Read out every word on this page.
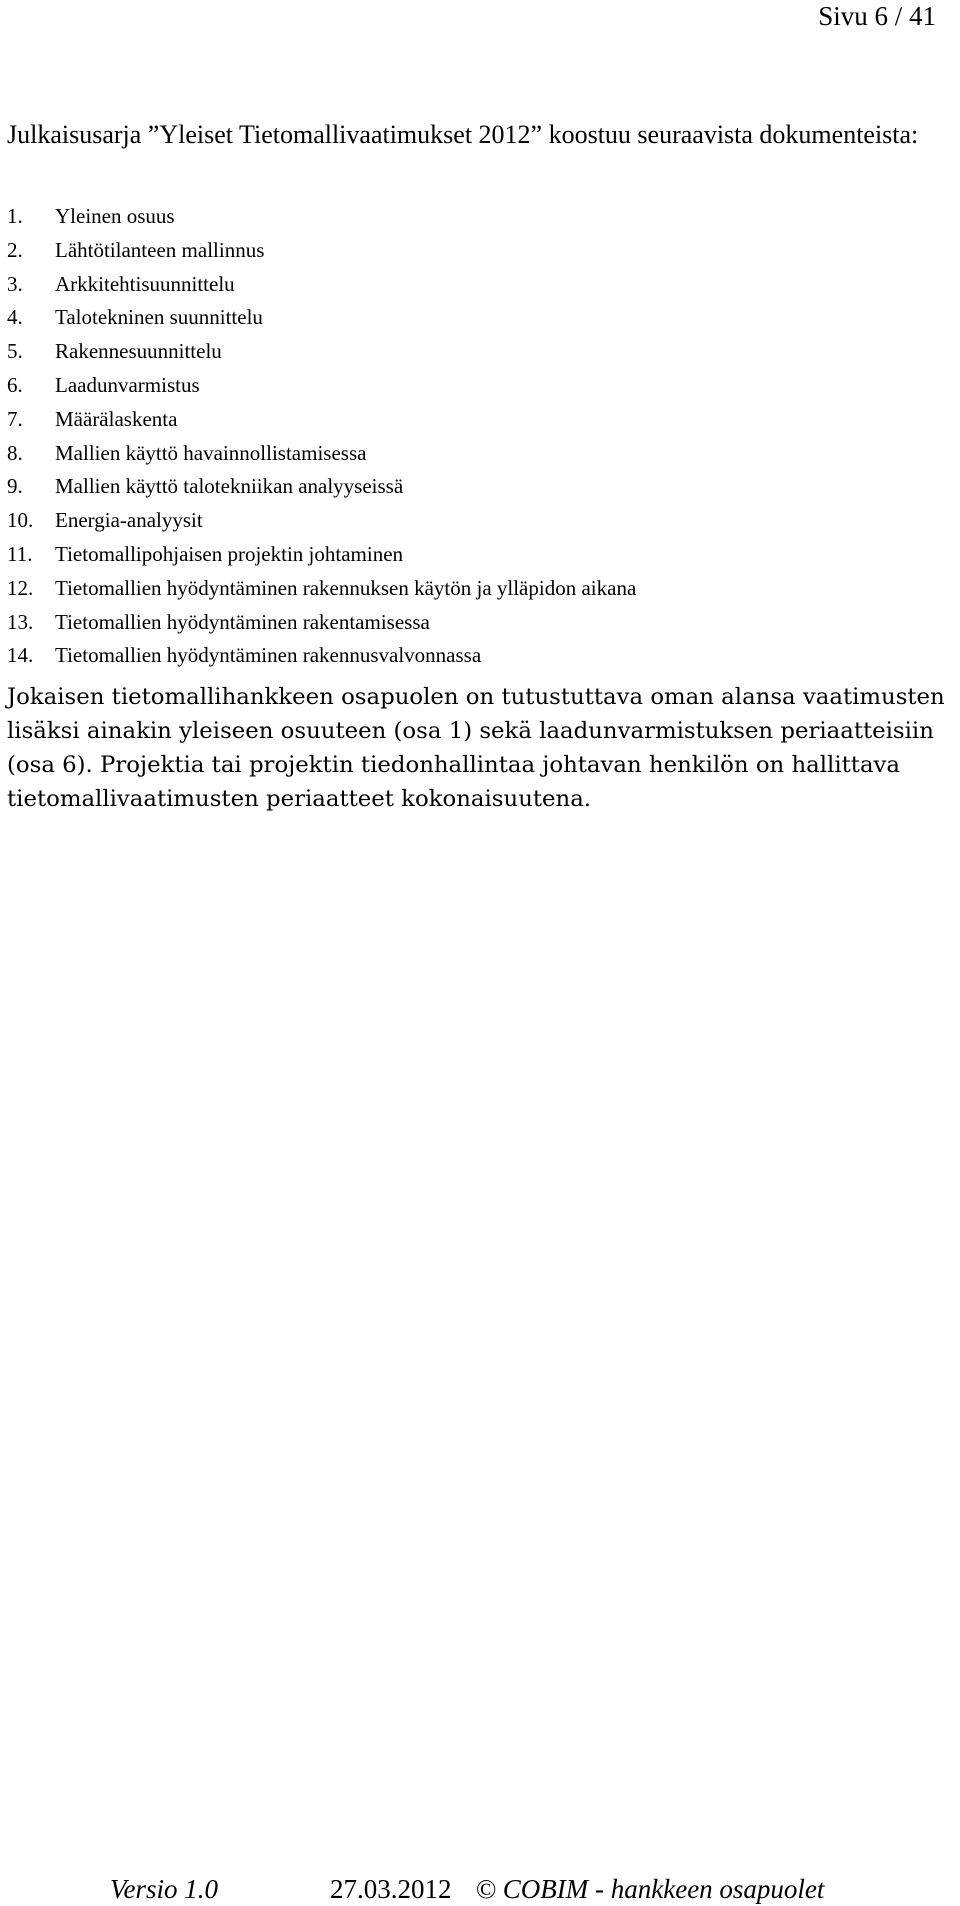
Sivu 6 / 41

Julkaisusarja ”Yleiset Tietomallivaatimukset 2012” koostuu seuraavista dokumenteista:

1.	Yleinen osuus
2.	Lähtötilanteen mallinnus
3.	Arkkitehtisuunnittelu
4.	Talotekninen suunnittelu
5.	Rakennesuunnittelu
6.	Laadunvarmistus
7.	Määrälaskenta
8.	Mallien käyttö havainnollistamisessa
9.	Mallien käyttö talotekniikan analyyseissä
10.	Energia-analyysit
11.	Tietomallipohjaisen projektin johtaminen
12.	Tietomallien hyödyntäminen rakennuksen käytön ja ylläpidon aikana
13.	Tietomallien hyödyntäminen rakentamisessa
14.	Tietomallien hyödyntäminen rakennusvalvonnassa

Jokaisen tietomallihankkeen osapuolen on tutustuttava oman alansa vaatimusten lisäksi ainakin yleiseen osuuteen (osa 1) sekä laadunvarmistuksen periaatteisiin (osa 6). Projektia tai projektin tiedonhallintaa johtavan henkilön on hallittava tietomallivaatimusten periaatteet kokonaisuutena.

Versio 1.0	27.03.2012 © COBIM - hankkeen osapuolet
